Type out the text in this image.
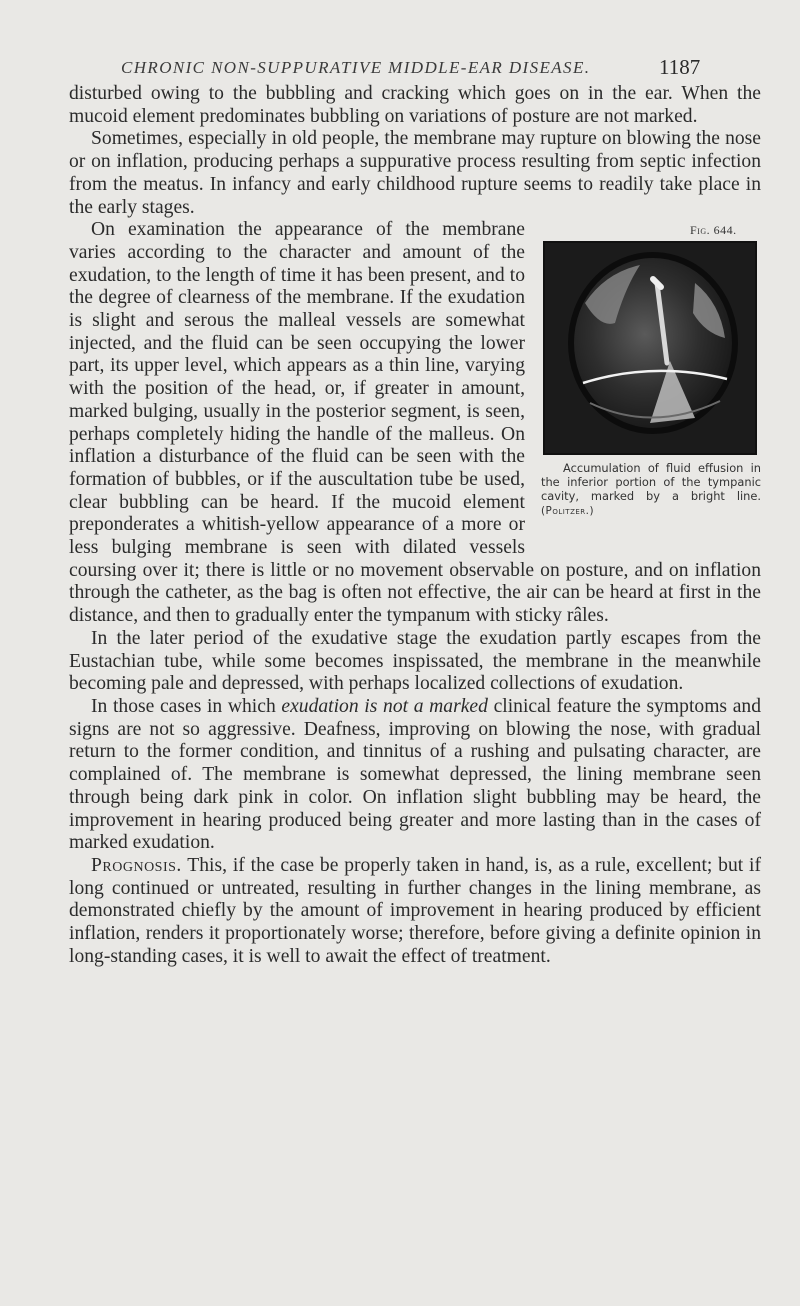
CHRONIC NON-SUPPURATIVE MIDDLE-EAR DISEASE.	1187

disturbed owing to the bubbling and cracking which goes on in the ear. When the mucoid element predominates bubbling on variations of posture are not marked.

Sometimes, especially in old people, the membrane may rupture on blowing the nose or on inflation, producing perhaps a suppurative process resulting from septic infection from the meatus. In infancy and early childhood rupture seems to readily take place in the early stages.

Fig. 644.
Accumulation of fluid effusion in the inferior portion of the tympanic cavity, marked by a bright line. (Politzer.)
On examination the appearance of the membrane varies according to the character and amount of the exudation, to the length of time it has been present, and to the degree of clearness of the membrane. If the exudation is slight and serous the malleal vessels are somewhat injected, and the fluid can be seen occupying the lower part, its upper level, which appears as a thin line, varying with the position of the head, or, if greater in amount, marked bulging, usually in the posterior segment, is seen, perhaps completely hiding the handle of the malleus. On inflation a disturbance of the fluid can be seen with the formation of bubbles, or if the auscultation tube be used, clear bubbling can be heard. If the mucoid element preponderates a whitish-yellow appearance of a more or less bulging membrane is seen with dilated vessels coursing over it; there is little or no movement observable on posture, and on inflation through the catheter, as the bag is often not effective, the air can be heard at first in the distance, and then to gradually enter the tympanum with sticky râles.

In the later period of the exudative stage the exudation partly escapes from the Eustachian tube, while some becomes inspissated, the membrane in the meanwhile becoming pale and depressed, with perhaps localized collections of exudation.

In those cases in which exudation is not a marked clinical feature the symptoms and signs are not so aggressive. Deafness, improving on blowing the nose, with gradual return to the former condition, and tinnitus of a rushing and pulsating character, are complained of. The membrane is somewhat depressed, the lining membrane seen through being dark pink in color. On inflation slight bubbling may be heard, the improvement in hearing produced being greater and more lasting than in the cases of marked exudation.

Prognosis. This, if the case be properly taken in hand, is, as a rule, excellent; but if long continued or untreated, resulting in further changes in the lining membrane, as demonstrated chiefly by the amount of improvement in hearing produced by efficient inflation, renders it proportionately worse; therefore, before giving a definite opinion in long-standing cases, it is well to await the effect of treatment.
